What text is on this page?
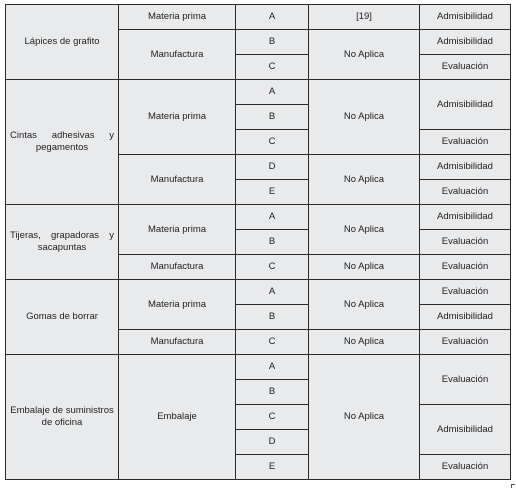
Lápices de grafito	Materia prima	A	[19]	Admisibilidad
	Manufactura	B	No Aplica	Admisibilidad
		C		Evaluación
Cintas adhesivas y pegamentos	Materia prima	A	No Aplica	Admisibilidad
		B		
		C		Evaluación
	Manufactura	D	No Aplica	Admisibilidad
		E		Evaluación
Tijeras, grapadoras y sacapuntas	Materia prima	A	No Aplica	Admisibilidad
		B		Evaluación
	Manufactura	C	No Aplica	Evaluación
Gomas de borrar	Materia prima	A	No Aplica	Evaluación
		B		Admisibilidad
	Manufactura	C	No Aplica	Evaluación
Embalaje de suministros de oficina	Embalaje	A	No Aplica	Evaluación
		B		
		C		Admisibilidad
		D		
		E		Evaluación
